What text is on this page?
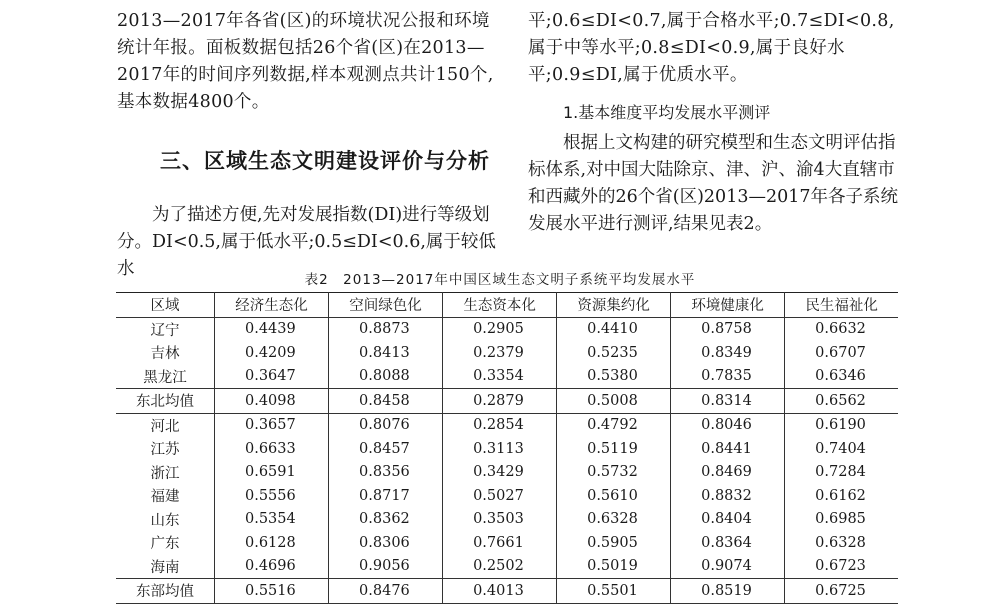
2013—2017年各省(区)的环境状况公报和环境统计年报。面板数据包括26个省(区)在2013—2017年的时间序列数据,样本观测点共计150个,基本数据4800个。

三、区域生态文明建设评价与分析

为了描述方便,先对发展指数(DI)进行等级划分。DI<0.5,属于低水平;0.5≤DI<0.6,属于较低水

平;0.6≤DI<0.7,属于合格水平;0.7≤DI<0.8,属于中等水平;0.8≤DI<0.9,属于良好水平;0.9≤DI,属于优质水平。

1.基本维度平均发展水平测评

根据上文构建的研究模型和生态文明评估指标体系,对中国大陆除京、津、沪、渝4大直辖市和西藏外的26个省(区)2013—2017年各子系统发展水平进行测评,结果见表2。

表2　2013—2017年中国区域生态文明子系统平均发展水平
区域	经济生态化	空间绿色化	生态资本化	资源集约化	环境健康化	民生福祉化
辽宁	0.4439	0.8873	0.2905	0.4410	0.8758	0.6632
吉林	0.4209	0.8413	0.2379	0.5235	0.8349	0.6707
黑龙江	0.3647	0.8088	0.3354	0.5380	0.7835	0.6346
东北均值	0.4098	0.8458	0.2879	0.5008	0.8314	0.6562
河北	0.3657	0.8076	0.2854	0.4792	0.8046	0.6190
江苏	0.6633	0.8457	0.3113	0.5119	0.8441	0.7404
浙江	0.6591	0.8356	0.3429	0.5732	0.8469	0.7284
福建	0.5556	0.8717	0.5027	0.5610	0.8832	0.6162
山东	0.5354	0.8362	0.3503	0.6328	0.8404	0.6985
广东	0.6128	0.8306	0.7661	0.5905	0.8364	0.6328
海南	0.4696	0.9056	0.2502	0.5019	0.9074	0.6723
东部均值	0.5516	0.8476	0.4013	0.5501	0.8519	0.6725
